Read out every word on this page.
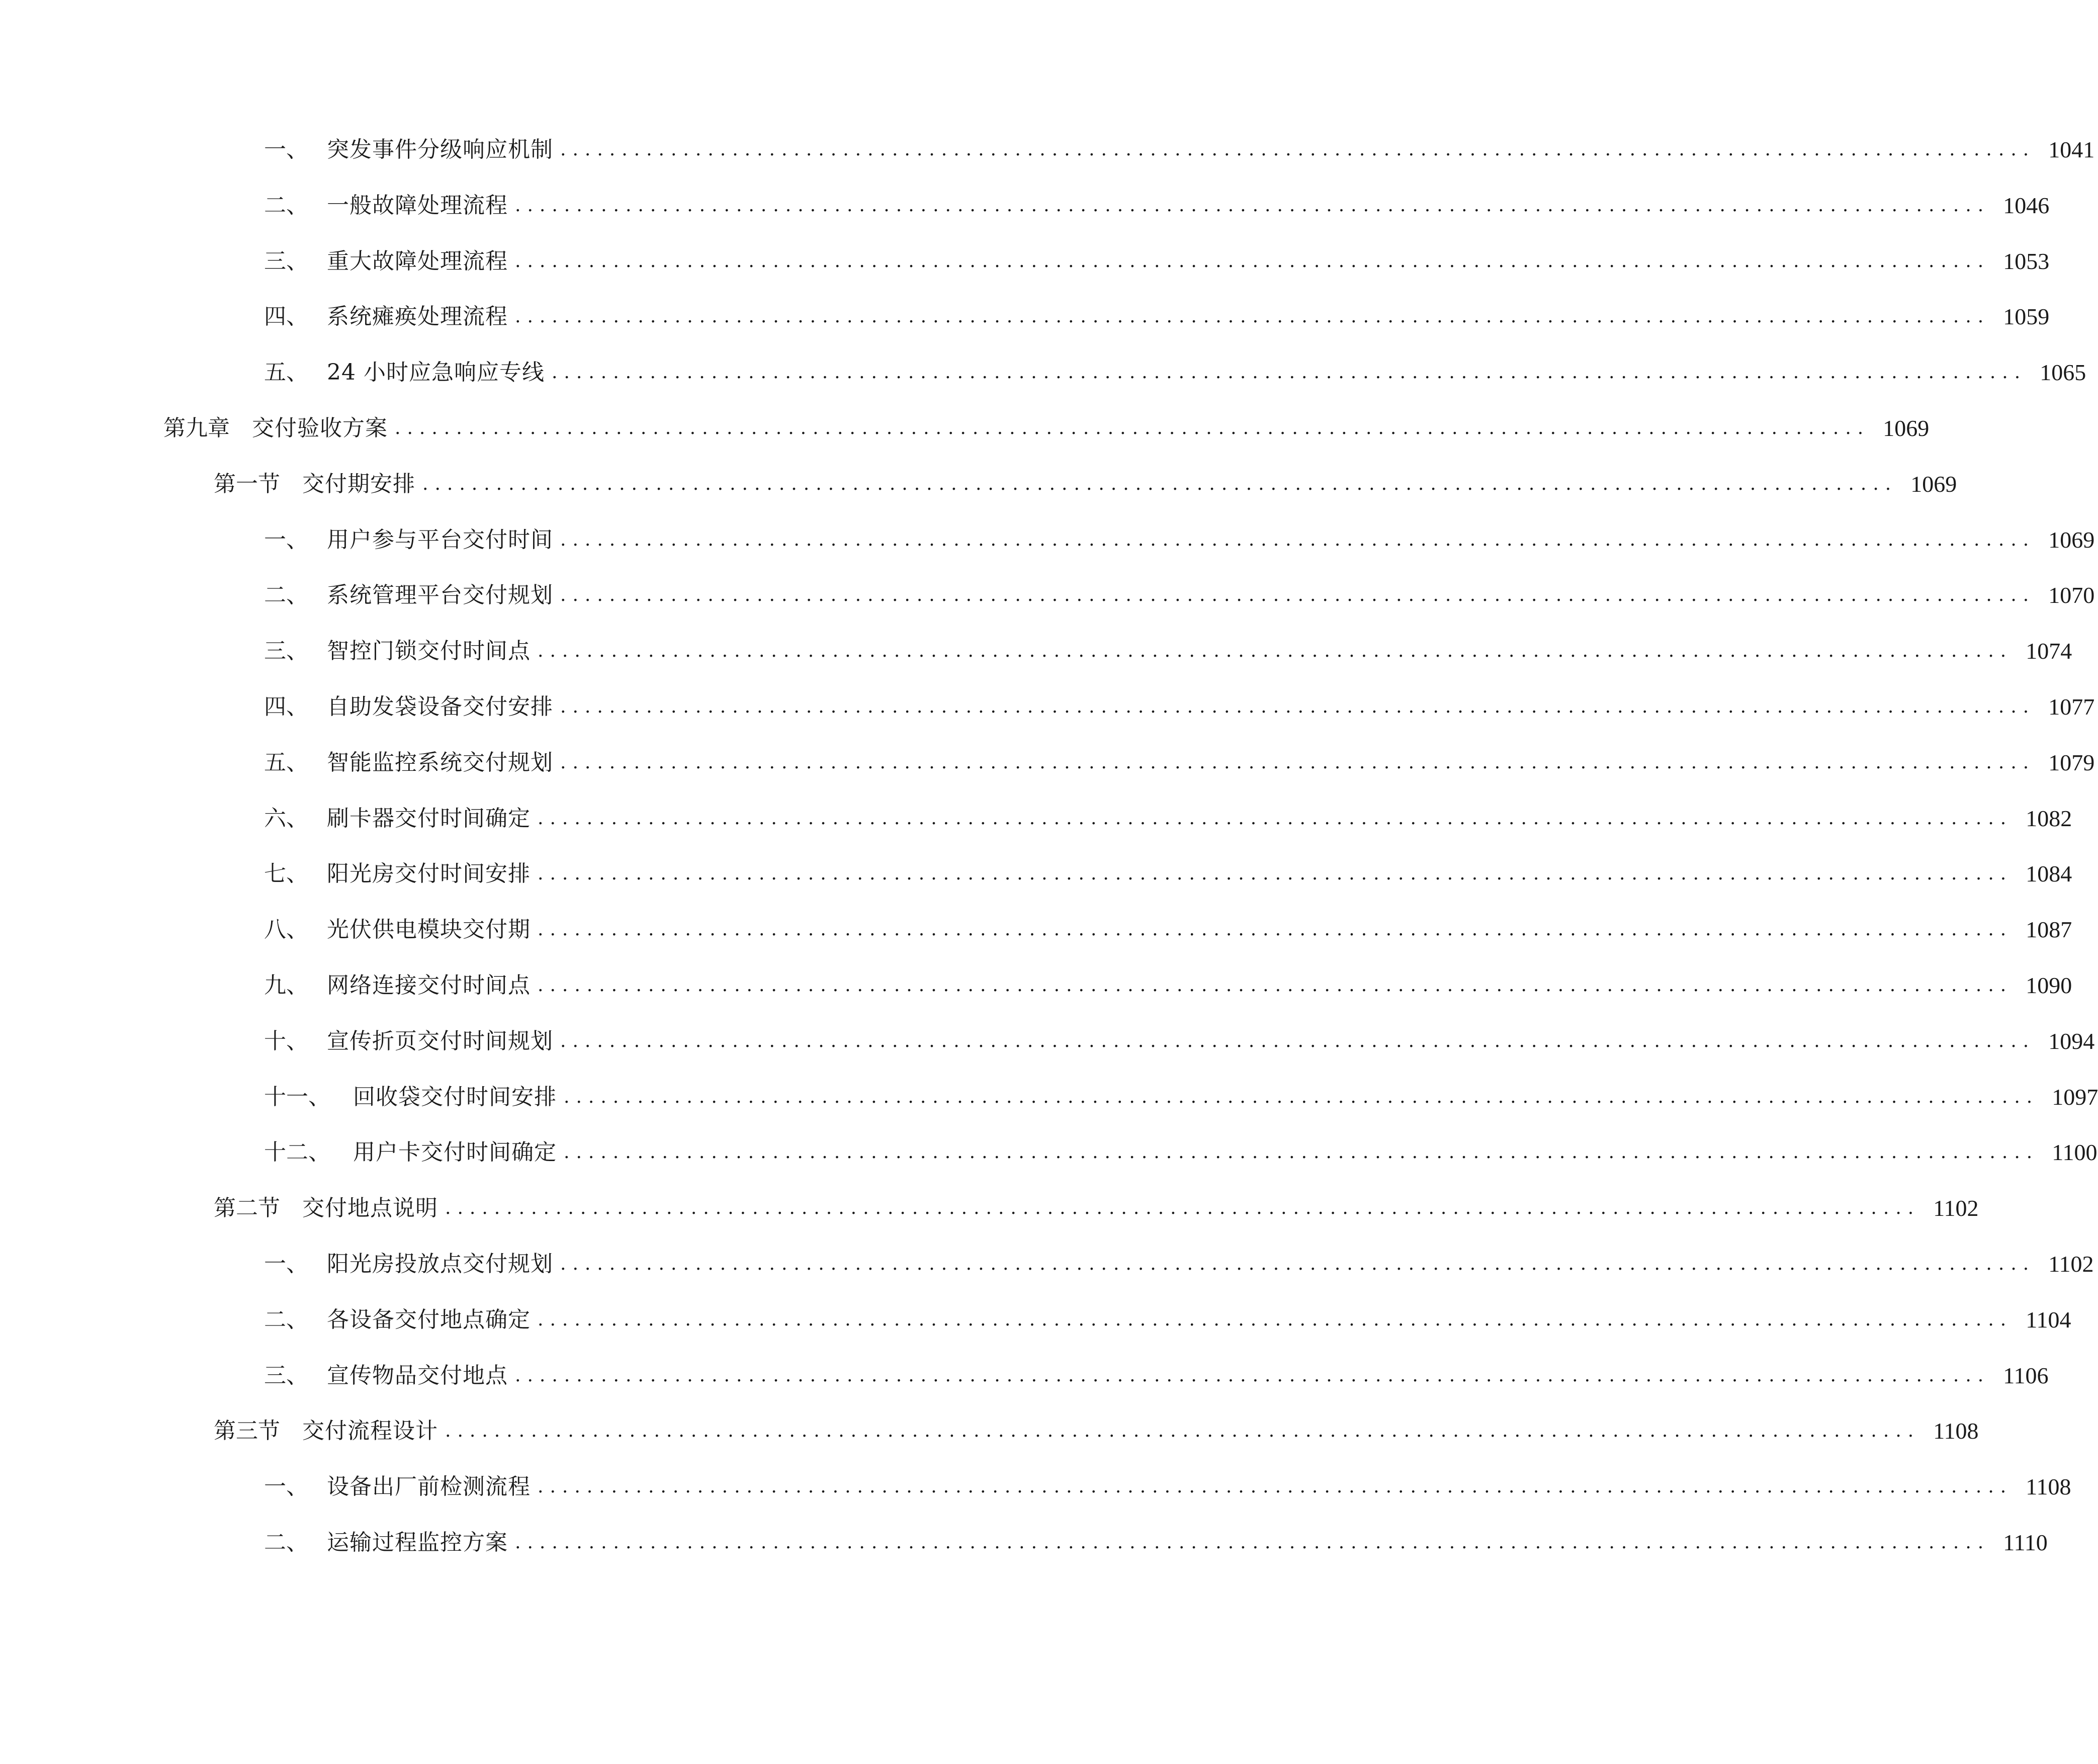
一、 突发事件分级响应机制 ........................................................................................................................ 1041
二、 一般故障处理流程 ........................................................................................................................ 1046
三、 重大故障处理流程 ........................................................................................................................ 1053
四、 系统瘫痪处理流程 ........................................................................................................................ 1059
五、 24 小时应急响应专线 ........................................................................................................................ 1065
第九章	交付验收方案 ........................................................................................................................ 1069
第一节	交付期安排 ........................................................................................................................ 1069
一、 用户参与平台交付时间 ........................................................................................................................ 1069
二、 系统管理平台交付规划 ........................................................................................................................ 1070
三、 智控门锁交付时间点 ........................................................................................................................ 1074
四、 自助发袋设备交付安排 ........................................................................................................................ 1077
五、 智能监控系统交付规划 ........................................................................................................................ 1079
六、 刷卡器交付时间确定 ........................................................................................................................ 1082
七、 阳光房交付时间安排 ........................................................................................................................ 1084
八、 光伏供电模块交付期 ........................................................................................................................ 1087
九、 网络连接交付时间点 ........................................................................................................................ 1090
十、 宣传折页交付时间规划 ........................................................................................................................ 1094
十一、	回收袋交付时间安排 ........................................................................................................................ 1097
十二、	用户卡交付时间确定 ........................................................................................................................ 1100
第二节	交付地点说明 ........................................................................................................................ 1102
一、 阳光房投放点交付规划 ........................................................................................................................ 1102
二、 各设备交付地点确定 ........................................................................................................................ 1104
三、 宣传物品交付地点 ........................................................................................................................ 1106
第三节	交付流程设计 ........................................................................................................................ 1108
一、 设备出厂前检测流程 ........................................................................................................................ 1108
二、 运输过程监控方案 ........................................................................................................................ 1110
